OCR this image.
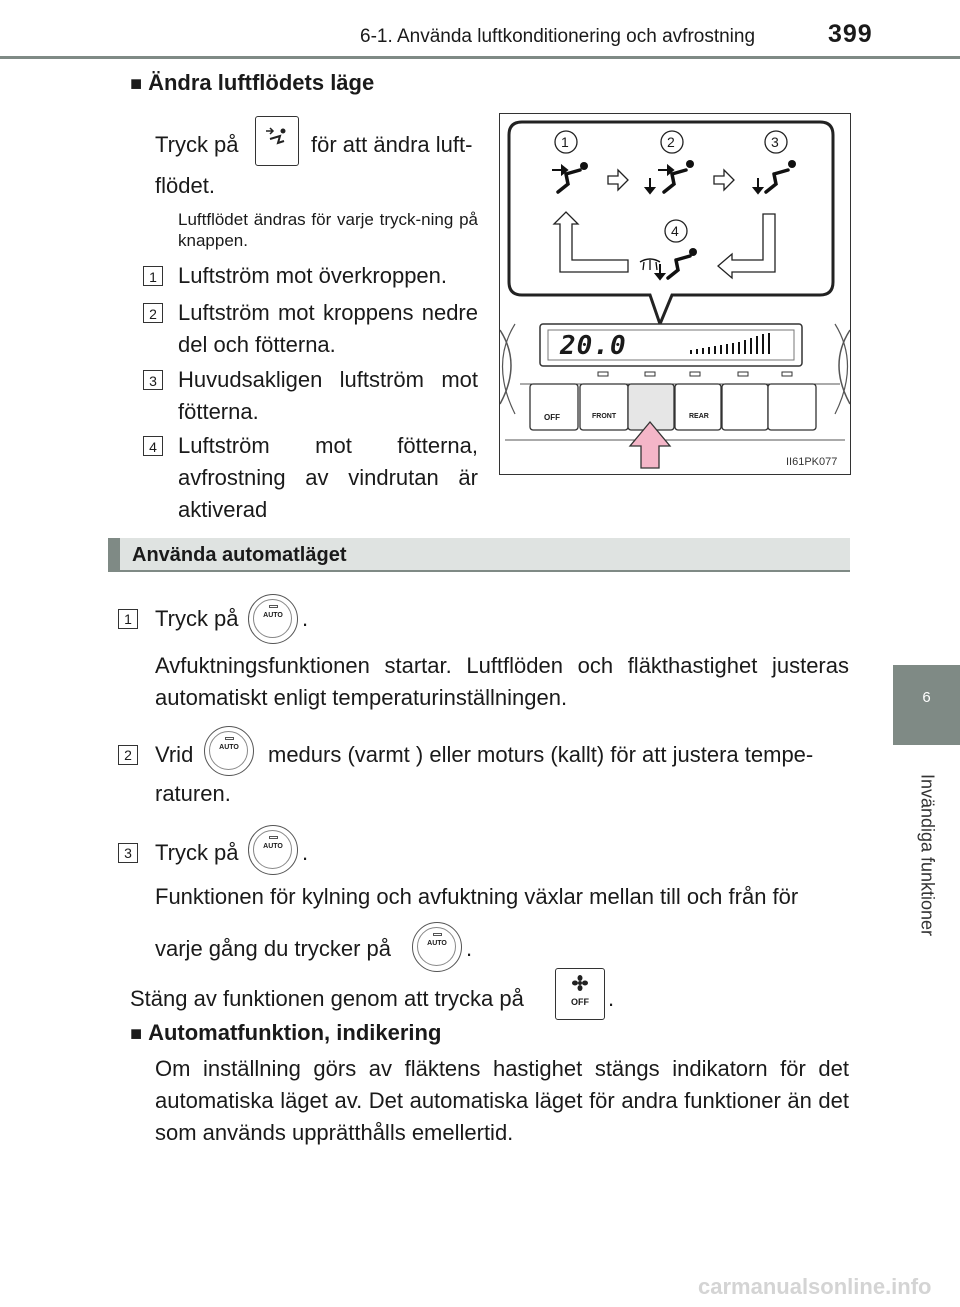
6-1. Använda luftkonditionering och avfrostning	399
6
Invändiga funktioner
■ Ändra luftflödets läge
Tryck på	för att ändra luft-
flödet.
Luftflödet ändras för varje tryck-ning på knappen.
1 Luftström mot överkroppen.
2 Luftström mot kroppens nedre del och fötterna.
3 Huvudsakligen luftström mot fötterna.
4 Luftström mot fötterna, avfrostning av vindrutan är aktiverad
20.0
1	2	3
4
OFF	FRONT	REAR
II61PK077
Använda automatläget
1 Tryck på	AUTO .
Avfuktningsfunktionen startar. Luftflöden och fläkthastighet justeras automatiskt enligt temperaturinställningen.
2 Vrid	AUTO	medurs (varmt ) eller moturs (kallt) för att justera tempe-
raturen.
3 Tryck på	AUTO .
Funktionen för kylning och avfuktning växlar mellan till och från för
varje gång du trycker på	AUTO .
Stäng av funktionen genom att trycka på	OFF .
■ Automatfunktion, indikering
Om inställning görs av fläktens hastighet stängs indikatorn för det automatiska läget av. Det automatiska läget för andra funktioner än det som används upprätthålls emellertid.
carmanualsonline.info
